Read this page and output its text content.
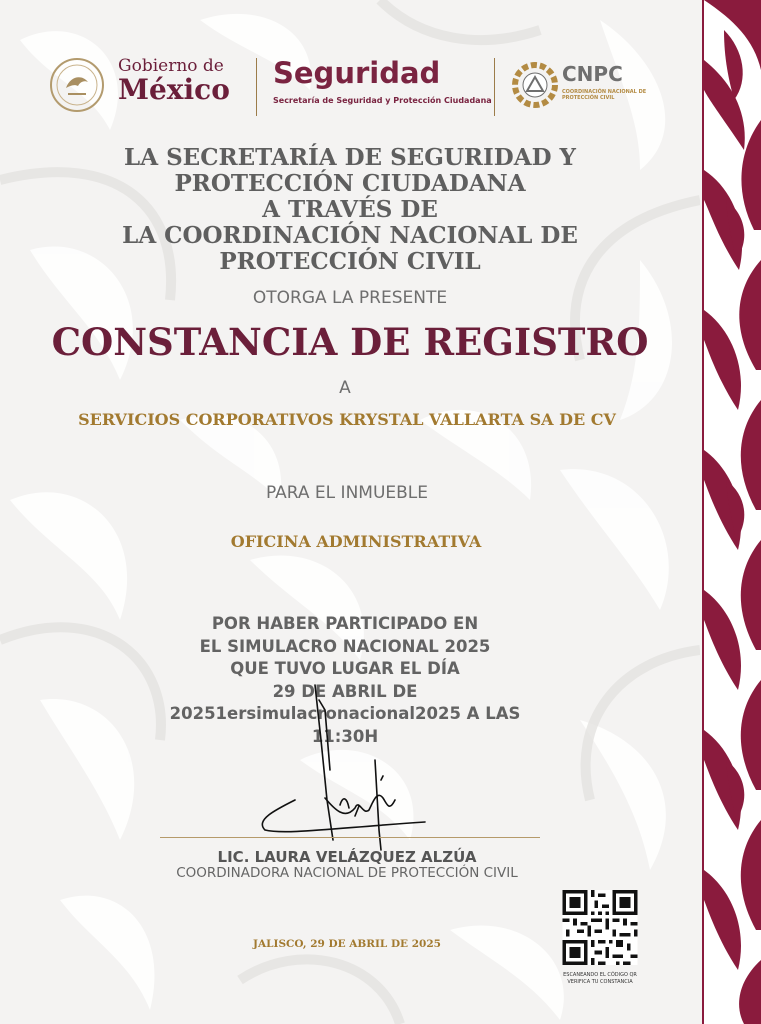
Gobierno de
México Seguridad
Secretaría de Seguridad y Protección Ciudadana
CNPC
COORDINACIÓN NACIONAL DE PROTECCIÓN CIVIL
LA SECRETARÍA DE SEGURIDAD Y
PROTECCIÓN CIUDADANA
A TRAVÉS DE
LA COORDINACIÓN NACIONAL DE
PROTECCIÓN CIVIL
OTORGA LA PRESENTE
CONSTANCIA DE REGISTRO
A
SERVICIOS CORPORATIVOS KRYSTAL VALLARTA SA DE CV
PARA EL INMUEBLE
OFICINA ADMINISTRATIVA
POR HABER PARTICIPADO EN
EL SIMULACRO NACIONAL 2025
QUE TUVO LUGAR EL DÍA
29 DE ABRIL DE
20251ersimulacronacional2025 A LAS
11:30H
LIC. LAURA VELÁZQUEZ ALZÚA
COORDINADORA NACIONAL DE PROTECCIÓN CIVIL
JALISCO, 29 DE ABRIL DE 2025
ESCANEANDO EL CÓDIGO QR VERIFICA TU CONSTANCIA
